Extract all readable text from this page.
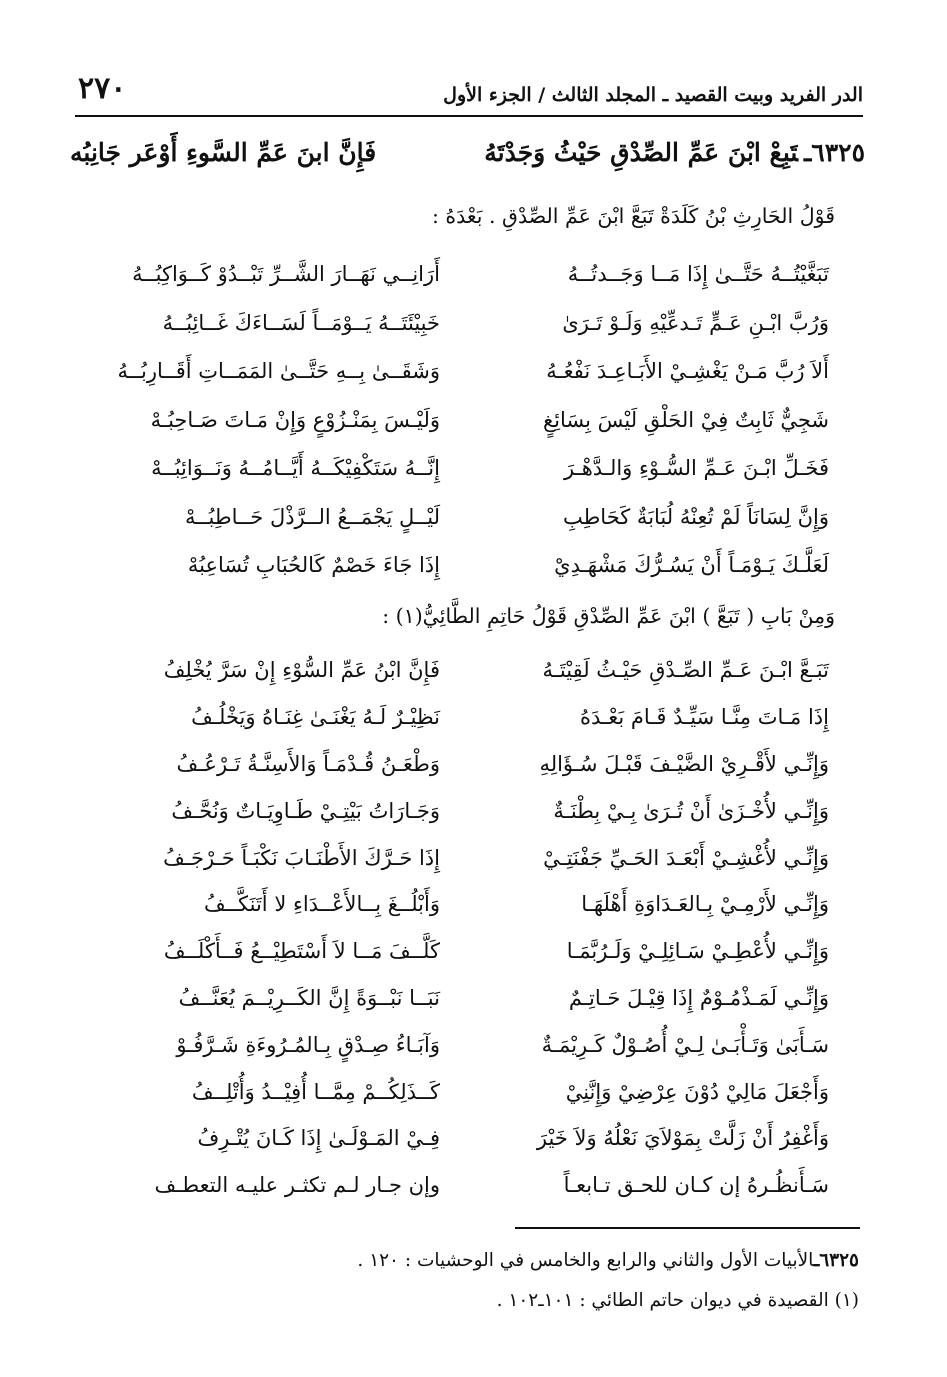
الدر الفريد وبيت القصيد ـ المجلد الثالث / الجزء الأول
٢٧٠
٦٣٢٥ـتَبِعْ ابْنَ عَمِّ الصِّدْقِ حَيْثُ وَجَدْتَهُ
فَإِنَّ ابنَ عَمِّ السَّوءِ أَوْعَر جَانِبُه
قَوْلُ الحَارِثِ بْنُ كَلَدَةْ تَبَعَّ ابْنَ عَمِّ الصِّدْقِ . بَعْدَهُ :
تَبَغَّيْتُــهُ حَتَّــىٰ إِذَا مَــا وَجَــدتُــهُ
أَرَانِــي نَهَــارَ الشَّــرِّ تَبْــدُوْ كَــوَاكِبُــهُ
وَرُبَّ ابْـنِ عَـمٍّ تَـدعِّيْهِ وَلَـوْ تَـرَىٰ
خَبِيْئَتَــهُ يَــوْمَــاً لَسَــاءَكَ غَــائِبُــهُ
أَلاَ رُبَّ مَـنْ يَغْشِـيْ الأَبَـاعِـدَ نَفْعُـهُ
وَشَقَــىٰ بِــهِ حَتَّــىٰ المَمَــاتِ أَقَــارِبُــهُ
شَجِيٌّ ثَابِتٌ فِيْ الحَلْقِ لَيْسَ بِسَائِغٍ
وَلَيْـسَ بِمَنْـزُوْعٍ وَإِنْ مَـاتَ صَـاحِبُـهْ
فَخَـلِّ ابْـنَ عَـمِّ السُّـوْءِ وَالـدَّهْـرَ
إِنَّــهُ سَتَكْفِيْكَــهُ أَيَّــامُــهُ وَنَــوَائِبُــهْ
وَإِنَّ لِسَانَاً لَمْ تُعِنْهُ لُبَابَةٌ كَحَاطِبِ
لَيْــلٍ يَجْمَــعُ الــرَّذْلَ حَــاطِبُــهْ
لَعَلَّـكَ يَـوْمَـاً أَنْ يَسُـرُّكَ مَشْهَـدِيْ
إِذَا جَاءَ خَصْمٌ كَالحُبَابِ تُسَاعِبُهْ
وَمِنْ بَابِ ( تَبَعَّ ) ابْنَ عَمِّ الصِّدْقِ قَوْلُ حَاتِمِ الطَّائِيُّ(١) :
تَبَـعَّ ابْـنَ عَـمِّ الصِّـدْقِ حَيْـثُ لَقِيْتَـهُ
فَإِنَّ ابْنُ عَمِّ السُّوْءِ إِنْ سَرَّ يُخْلِفُ
إِذَا مَـاتَ مِنَّـا سَيِّـدٌ قَـامَ بَعْـدَهُ
نَظِيْـرٌ لَـهُ يَغْنَـىٰ غِنَـاهُ وَيَخْلُـفُ
وَإِنِّـي لأَقْـرِيْ الضَّيْـفَ قَبْـلَ سُـؤَالِهِ
وَطْعَـنُ قُـدْمَـاً وَالأَسِنَّـةُ تَـرْعُـفُ
وَإِنِّـي لأُخْـزَىٰ أَنْ تُـرَىٰ بِـيْ بِطْنَـةٌ
وَجَـارَاتُ بَيْتِـيْ طَـاوِيَـاتٌ وَنُحَّـفُ
وَإِنِّـي لأُغْشِـيْ أَبْعَـدَ الحَـيِّ جَفْنَتِـيْ
إِذَا حَـرَّكَ الأَطْنَـابَ نَكْبَـاً حَـرْجَـفُ
وَإِنِّـي لأَرْمِـيْ بِـالعَـدَاوَةِ أَهْلَهَـا
وَأَبْلُــغَ بِــالأَعْــدَاءِ لا أَتَنَكَّــفُ
وَإِنِّـي لأُعْطِـيْ سَـائِلِـيْ وَلَـرُبَّمَـا
كَلَّــفَ مَــا لاَ أَسْتَطِيْــعُ فَــأَكْلَــفُ
وَإِنِّـي لَمَـذْمُـوْمٌ إِذَا قِيْـلَ حَـاتِـمٌ
نَبَــا نَبْــوَةً إِنَّ الكَــرِيْــمَ يُعَنَّــفُ
سَـأَبَىٰ وَتَـأْبَـىٰ لِـيْ أُصُـوْلٌ كَـرِيْمَـةٌ
وَآبَـاءُ صِـدْقٍ بِـالمُـرُوءَةِ شَـرَّفُـوْ
وَأَجْعَلَ مَالِيْ دُوْنَ عِرْضِيْ وَإِنَّنِيْ
كَــذَلِكُــمْ مِمَّــا أُفِيْــدُ وَأُتْلِــفُ
وَأَغْفِرُ أَنْ زَلَّتْ بِمَوْلاَيَ نَعْلُهُ وَلاَ خَيْرَ
فِـيْ المَـوْلَـىٰ إِذَا كَـانَ يُتْـرِفُ
سَـأَنظُـرهُ إن كـان للحـق تـابعـاً
وإن جـار لـم تكثـر عليـه التعطـف
٦٣٢٥ـالأبيات الأول والثاني والرابع والخامس في الوحشيات : ١٢٠ .
(١) القصيدة في ديوان حاتم الطائي : ١٠١ـ١٠٢ .
